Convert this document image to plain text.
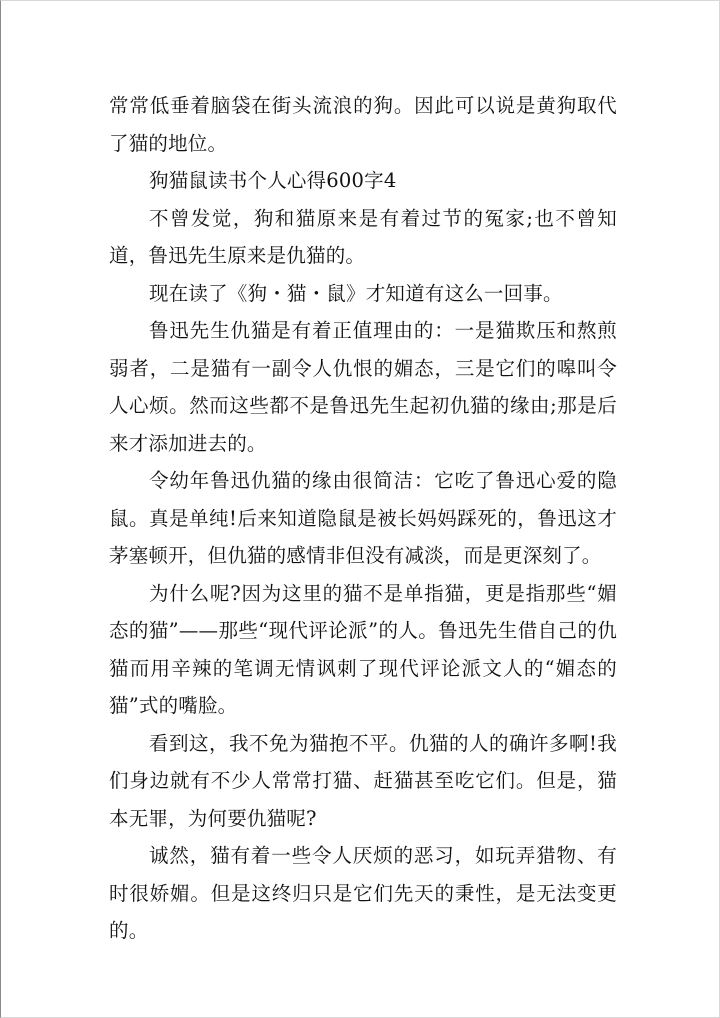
常常低垂着脑袋在街头流浪的狗。因此可以说是黄狗取代了猫的地位。

狗猫鼠读书个人心得600字4

不曾发觉，狗和猫原来是有着过节的冤家;也不曾知道，鲁迅先生原来是仇猫的。

现在读了《狗・猫・鼠》才知道有这么一回事。

鲁迅先生仇猫是有着正值理由的：一是猫欺压和熬煎弱者，二是猫有一副令人仇恨的媚态，三是它们的嗥叫令人心烦。然而这些都不是鲁迅先生起初仇猫的缘由;那是后来才添加进去的。

令幼年鲁迅仇猫的缘由很简洁：它吃了鲁迅心爱的隐鼠。真是单纯!后来知道隐鼠是被长妈妈踩死的，鲁迅这才茅塞顿开，但仇猫的感情非但没有减淡，而是更深刻了。

为什么呢?因为这里的猫不是单指猫，更是指那些“媚态的猫”——那些“现代评论派”的人。鲁迅先生借自己的仇猫而用辛辣的笔调无情讽刺了现代评论派文人的“媚态的猫”式的嘴脸。

看到这，我不免为猫抱不平。仇猫的人的确许多啊!我们身边就有不少人常常打猫、赶猫甚至吃它们。但是，猫本无罪，为何要仇猫呢?

诚然，猫有着一些令人厌烦的恶习，如玩弄猎物、有时很娇媚。但是这终归只是它们先天的秉性，是无法变更的。
